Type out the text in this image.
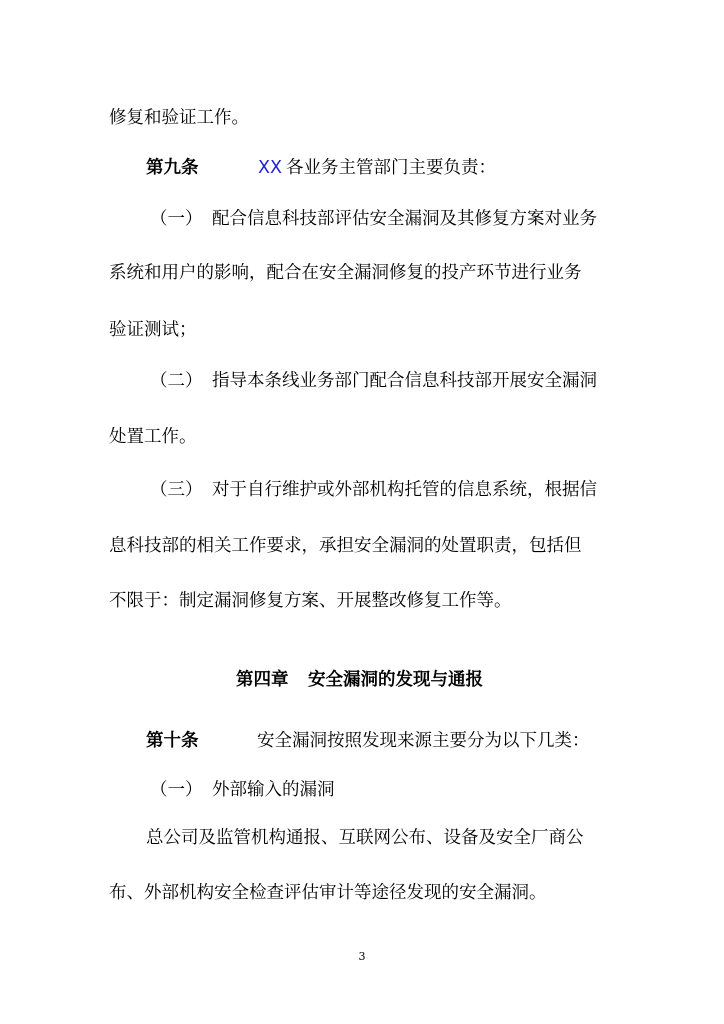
修复和验证工作。
第九条	XX 各业务主管部门主要负责：
（一） 配合信息科技部评估安全漏洞及其修复方案对业务
系统和用户的影响，配合在安全漏洞修复的投产环节进行业务
验证测试；
（二） 指导本条线业务部门配合信息科技部开展安全漏洞
处置工作。
（三） 对于自行维护或外部机构托管的信息系统，根据信
息科技部的相关工作要求，承担安全漏洞的处置职责，包括但
不限于：制定漏洞修复方案、开展整改修复工作等。
第四章 安全漏洞的发现与通报
第十条	安全漏洞按照发现来源主要分为以下几类：
（一） 外部输入的漏洞
总公司及监管机构通报、互联网公布、设备及安全厂商公
布、外部机构安全检查评估审计等途径发现的安全漏洞。
3
